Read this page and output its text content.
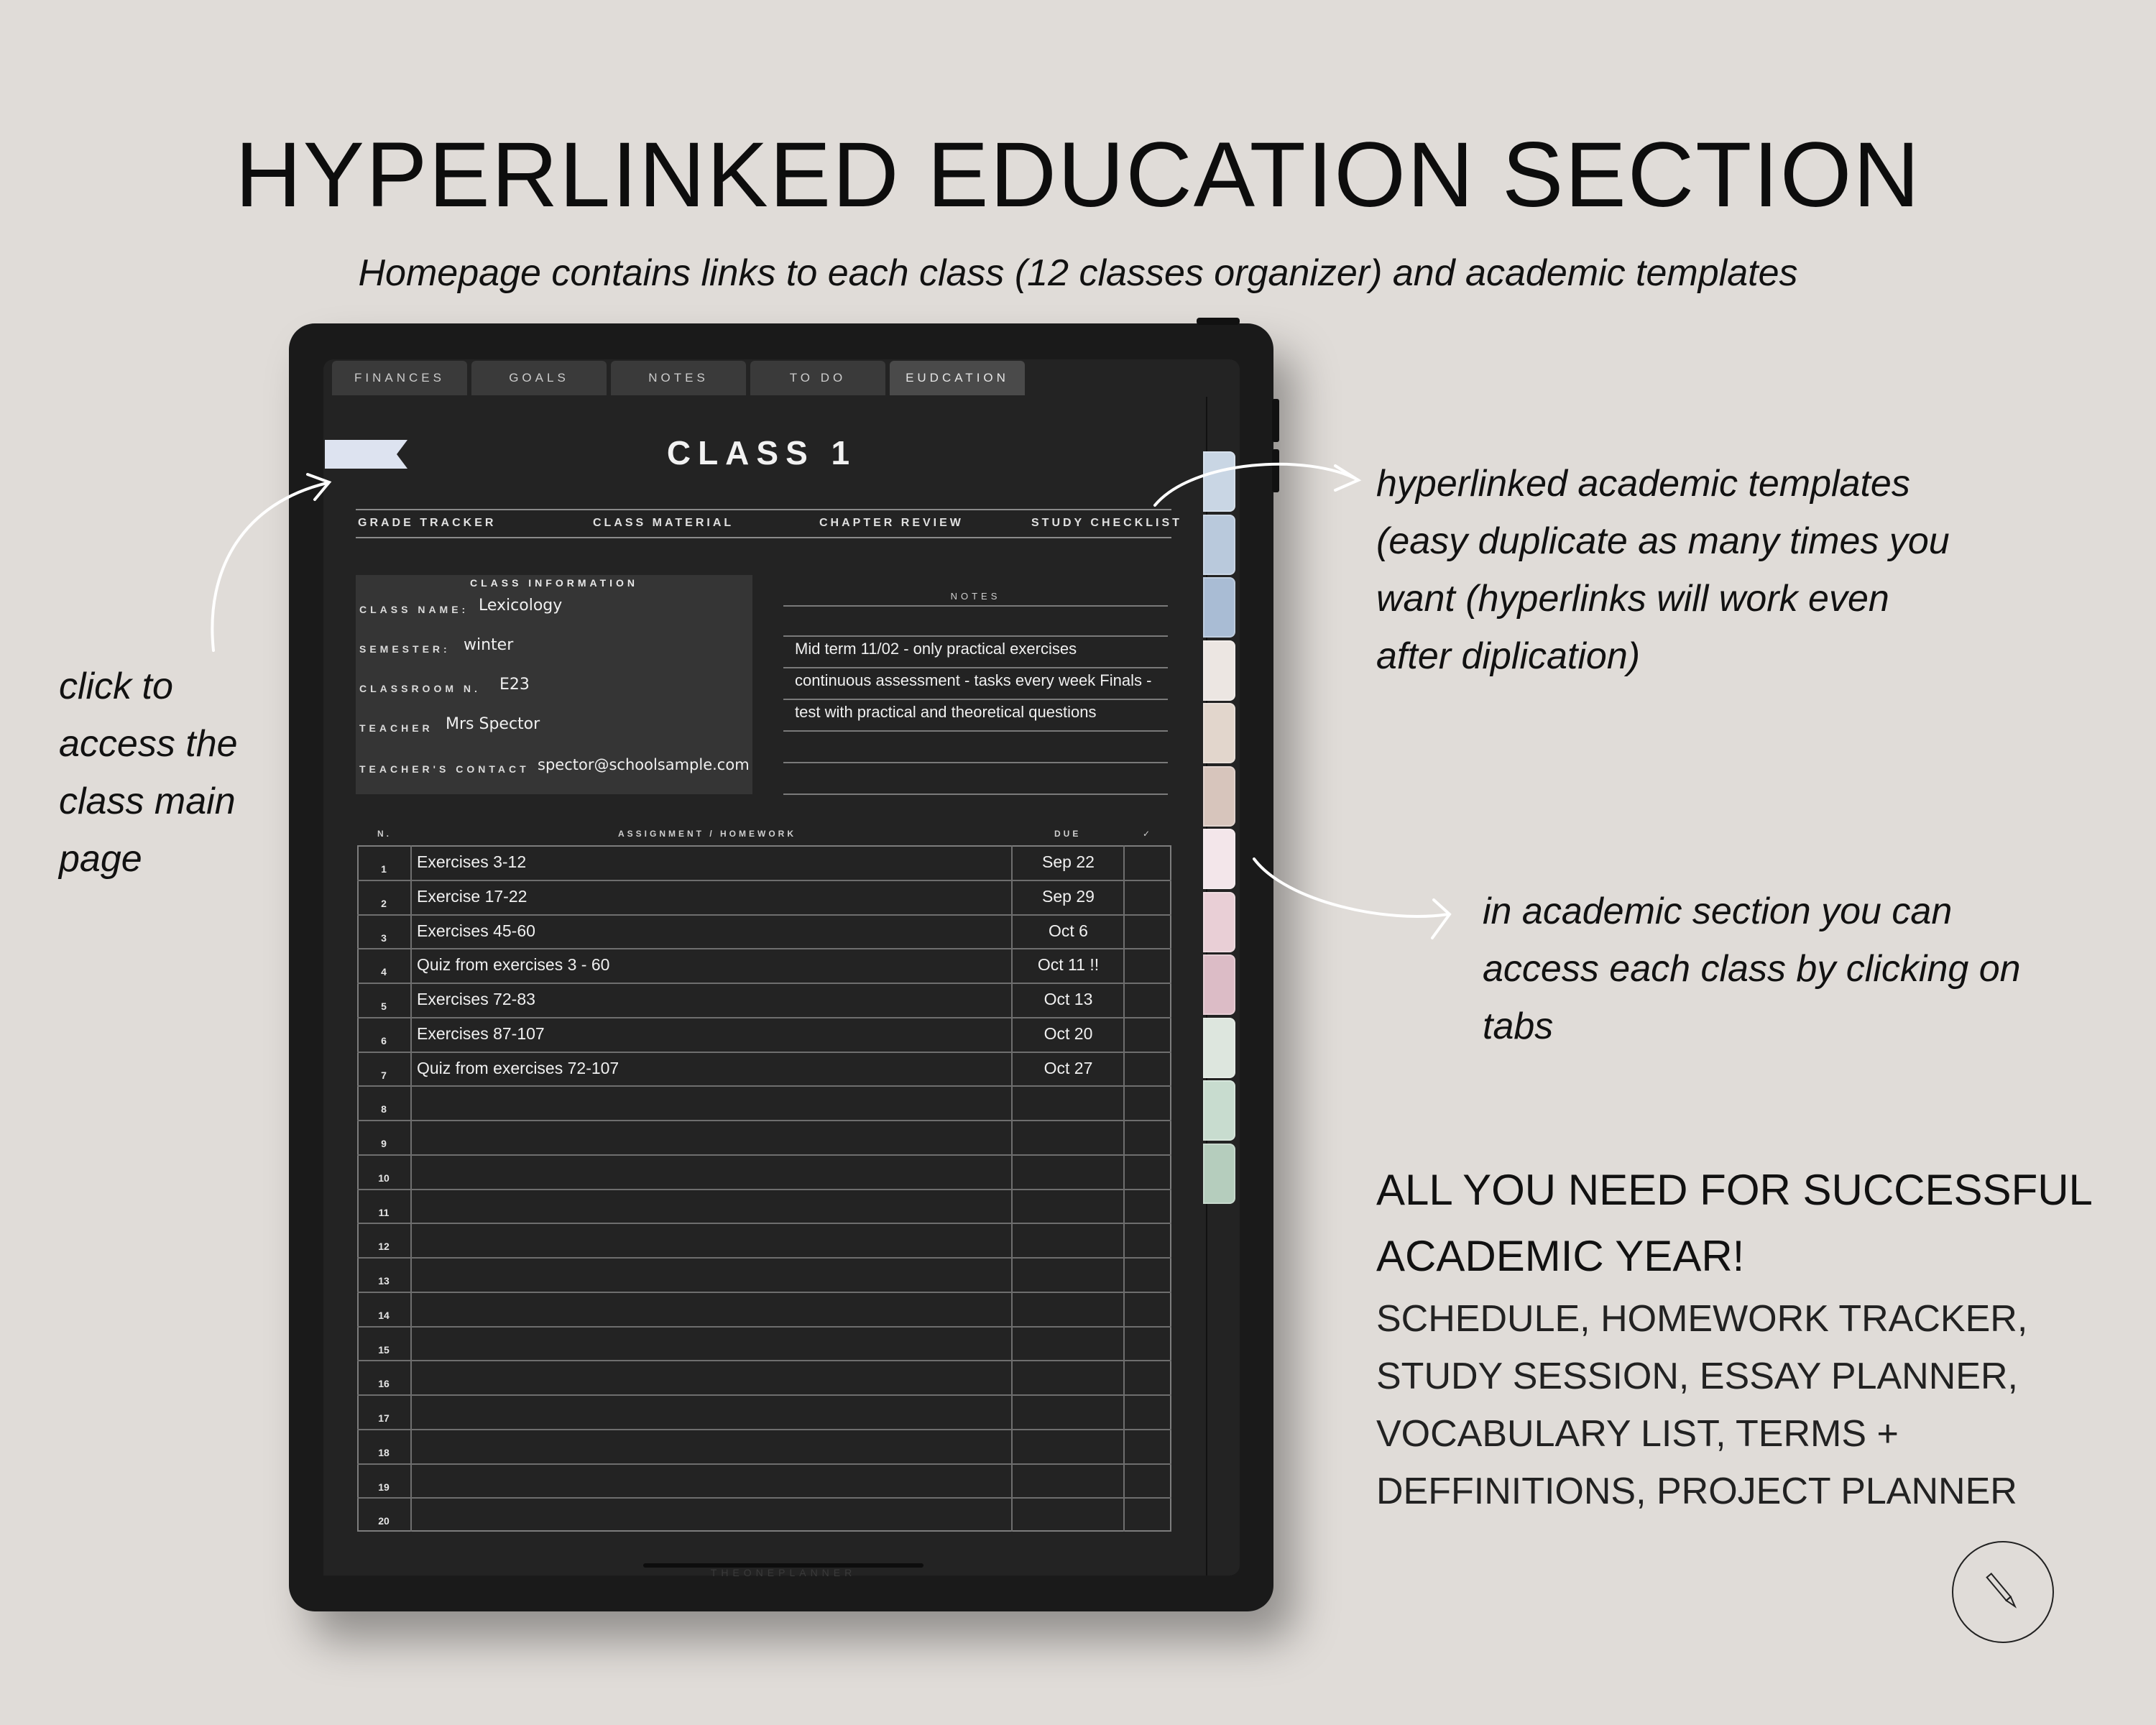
HYPERLINKED EDUCATION SECTION
Homepage contains links to each class (12 classes organizer) and academic templates
FINANCES	GOALS	NOTES	TO DO	EUDCATION
CLASS 1
GRADE TRACKER	CLASS MATERIAL	CHAPTER REVIEW	STUDY CHECKLIST
CLASS INFORMATION
CLASS NAME: Lexicology
SEMESTER: winter
CLASSROOM N. E23
TEACHER Mrs Spector
TEACHER'S CONTACT spector@schoolsample.com
NOTES
Mid term 11/02 - only practical exercises
continuous assessment - tasks every week Finals -
test with practical and theoretical questions
N.	ASSIGNMENT / HOMEWORK	DUE	✓
1	Exercises 3-12	Sep 22
2	Exercise 17-22	Sep 29
3	Exercises 45-60	Oct 6
4	Quiz from exercises 3 - 60	Oct 11 !!
5	Exercises 72-83	Oct 13
6	Exercises 87-107	Oct 20
7	Quiz from exercises 72-107	Oct 27
8
9
10
11
12
13
14
15
16
17
18
19
20
THEONEPLANNER
click to access the class main page
hyperlinked academic templates (easy duplicate as many times you want (hyperlinks will work even after diplication)
in academic section you can access each class by clicking on tabs
ALL YOU NEED FOR SUCCESSFUL ACADEMIC YEAR!
SCHEDULE, HOMEWORK TRACKER, STUDY SESSION, ESSAY PLANNER, VOCABULARY LIST, TERMS + DEFFINITIONS, PROJECT PLANNER
